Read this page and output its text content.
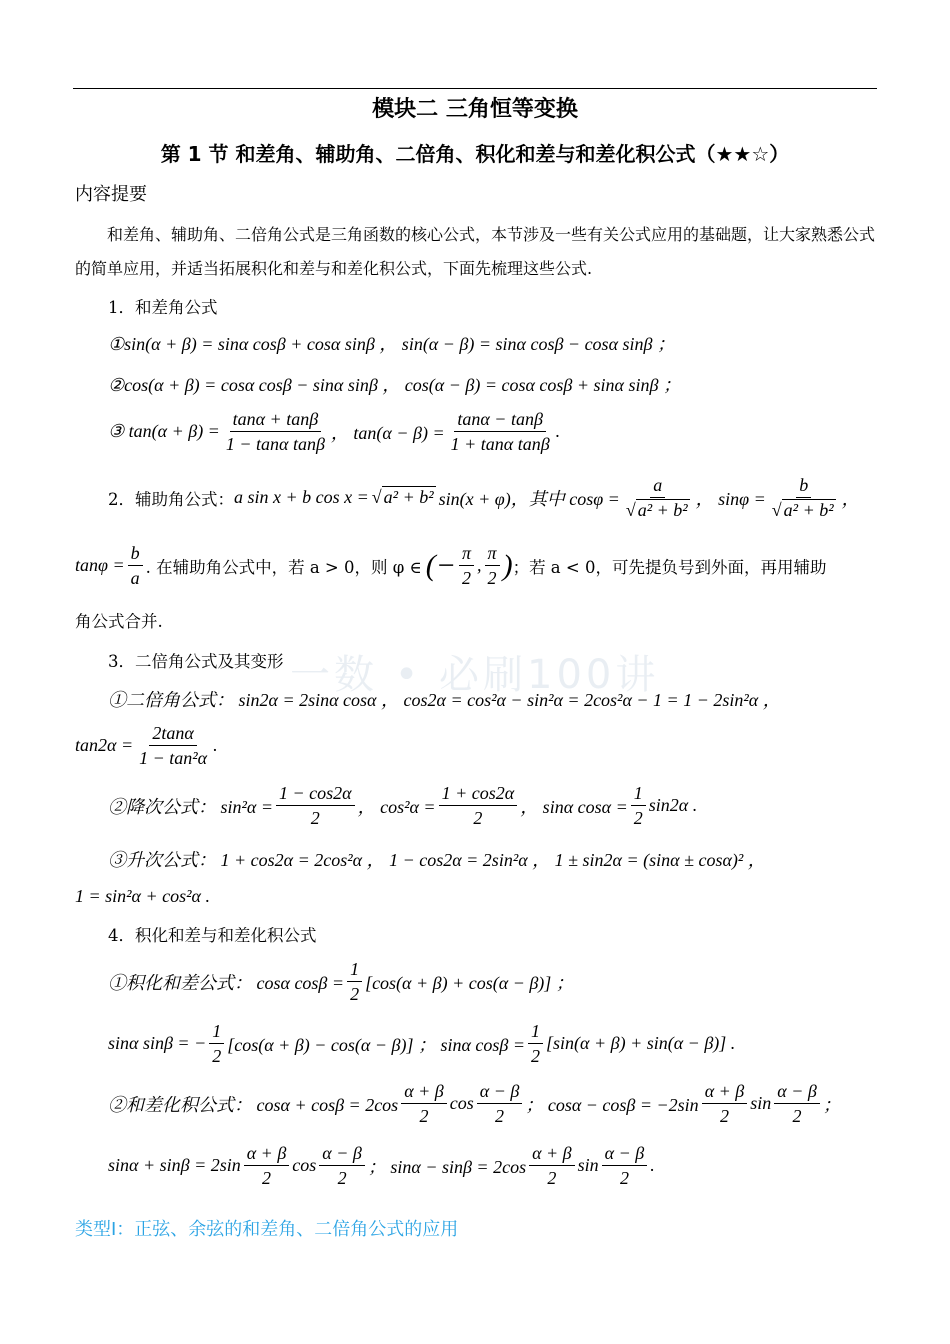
模块二 三角恒等变换
第 1 节 和差角、辅助角、二倍角、积化和差与和差化积公式（★★☆）
内容提要
和差角、辅助角、二倍角公式是三角函数的核心公式，本节涉及一些有关公式应用的基础题，让大家熟悉公式的简单应用，并适当拓展积化和差与和差化积公式，下面先梳理这些公式.
1．和差角公式
①sin(α + β) = sinα cosβ + cosα sinβ ， sin(α − β) = sinα cosβ − cosα sinβ ；
②cos(α + β) = cosα cosβ − sinα sinβ ， cos(α − β) = cosα cosβ + sinα sinβ ；
③ $\tan(\alpha + \beta) = \frac{\tan\alpha + \tan\beta}{\text{1 − tanα tanβ}}$ ， $\tan(\alpha - \beta) = \frac{\tan\alpha - \tan\beta}{\text{1 + tanα tanβ}}$ .
2．辅助角公式： a sin x + b cos x = √ a² + b² sin(x + φ)，其中 $\cos\varphi = \frac{a}{\text{√ a² + b²}}$ ， $\sin\varphi = \frac{b}{\text{√ a² + b²}}$ ，
$\tan\varphi = \frac{b}{a}$ . 在辅助角公式中，若 a > 0，则 φ ∈ (− $\frac{\pi}{2}$ , $\frac{\pi}{2}$ ) ；若 a < 0，可先提负号到外面，再用辅助
角公式合并.
3．二倍角公式及其变形
①二倍角公式： sin2α = 2sinα cosα ， cos2α = cos²α − sin²α = 2cos²α − 1 = 1 − 2sin²α ，
$\tan 2\alpha = \frac{2\tan\alpha}{\text{1 − tan²α}}$ .
②降次公式： $\sin^2\alpha = \frac{1 - \cos 2\alpha}{2}$ ， $\cos^2\alpha = \frac{1 + \cos 2\alpha}{2}$ ， sinα $\cos\alpha = \frac{1}{2} \sin 2\alpha$ .
③升次公式： 1 + cos2α = 2cos²α ， 1 − cos2α = 2sin²α ， 1 ± sin2α = (sinα ± cosα)² ，
1 = sin²α + cos²α .
一数 • 必刷100讲
4．积化和差与和差化积公式
①积化和差公式： cosα $\cos\beta = \frac{1}{2} [\cos(\alpha + \beta) + \cos(\alpha - \beta)]$ ；
sinα sinβ = − $\frac{1}{2} [\cos(\alpha + \beta) - \cos(\alpha - \beta)]$ ； sinα $\cos\beta = \frac{1}{2} [\sin(\alpha + \beta) + \sin(\alpha - \beta)]$ .
②和差化积公式： $\cos\alpha + \cos\beta = 2\cos \frac{\alpha + \beta}{2}$ $\cos \frac{\alpha - \beta}{2}$ ； $\cos\alpha - \cos\beta = -2\sin \frac{\alpha + \beta}{2}$ $\sin \frac{\alpha - \beta}{2}$ ；
$\sin\alpha + \sin\beta = 2\sin \frac{\alpha + \beta}{2}$ $\cos \frac{\alpha - \beta}{2}$ ； $\sin\alpha - \sin\beta = 2\cos \frac{\alpha + \beta}{2}$ $\sin \frac{\alpha - \beta}{2}$ .
类型Ⅰ：正弦、余弦的和差角、二倍角公式的应用
